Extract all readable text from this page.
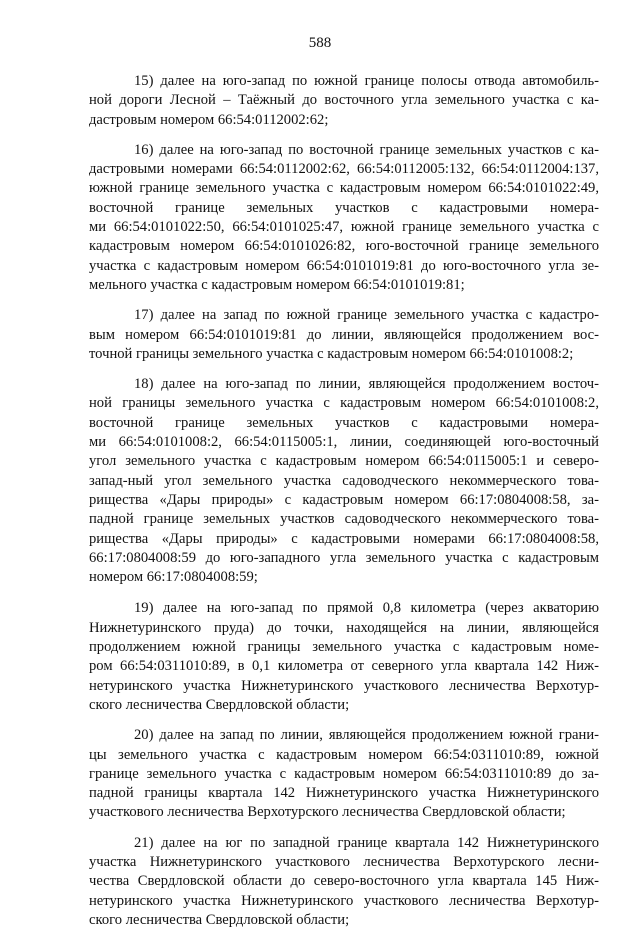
588

15) далее на юго-запад по южной границе полосы отвода автомобиль-
ной дороги Лесной – Таёжный до восточного угла земельного участка с ка-
дастровым номером 66:54:0112002:62;

16) далее на юго-запад по восточной границе земельных участков с ка-
дастровыми номерами 66:54:0112002:62, 66:54:0112005:132, 66:54:0112004:137,
южной границе земельного участка с кадастровым номером 66:54:0101022:49,
восточной границе земельных участков с кадастровыми номера-
ми 66:54:0101022:50, 66:54:0101025:47, южной границе земельного участка с
кадастровым номером 66:54:0101026:82, юго-восточной границе земельного
участка с кадастровым номером 66:54:0101019:81 до юго-восточного угла зе-
мельного участка с кадастровым номером 66:54:0101019:81;

17) далее на запад по южной границе земельного участка с кадастро-
вым номером 66:54:0101019:81 до линии, являющейся продолжением вос-
точной границы земельного участка с кадастровым номером 66:54:0101008:2;

18) далее на юго-запад по линии, являющейся продолжением восточ-
ной границы земельного участка с кадастровым номером 66:54:0101008:2,
восточной границе земельных участков с кадастровыми номера-
ми 66:54:0101008:2, 66:54:0115005:1, линии, соединяющей юго-восточный
угол земельного участка с кадастровым номером 66:54:0115005:1 и северо-
запад-ный угол земельного участка садоводческого некоммерческого това-
рищества «Дары природы» с кадастровым номером 66:17:0804008:58, за-
падной границе земельных участков садоводческого некоммерческого това-
рищества «Дары природы» с кадастровыми номерами 66:17:0804008:58,
66:17:0804008:59 до юго-западного угла земельного участка с кадастровым
номером 66:17:0804008:59;

19) далее на юго-запад по прямой 0,8 километра (через акваторию
Нижнетуринского пруда) до точки, находящейся на линии, являющейся
продолжением южной границы земельного участка с кадастровым номе-
ром 66:54:0311010:89, в 0,1 километра от северного угла квартала 142 Ниж-
нетуринского участка Нижнетуринского участкового лесничества Верхотур-
ского лесничества Свердловской области;

20) далее на запад по линии, являющейся продолжением южной грани-
цы земельного участка с кадастровым номером 66:54:0311010:89, южной
границе земельного участка с кадастровым номером 66:54:0311010:89 до за-
падной границы квартала 142 Нижнетуринского участка Нижнетуринского
участкового лесничества Верхотурского лесничества Свердловской области;

21) далее на юг по западной границе квартала 142 Нижнетуринского
участка Нижнетуринского участкового лесничества Верхотурского лесни-
чества Свердловской области до северо-восточного угла квартала 145 Ниж-
нетуринского участка Нижнетуринского участкового лесничества Верхотур-
ского лесничества Свердловской области;
